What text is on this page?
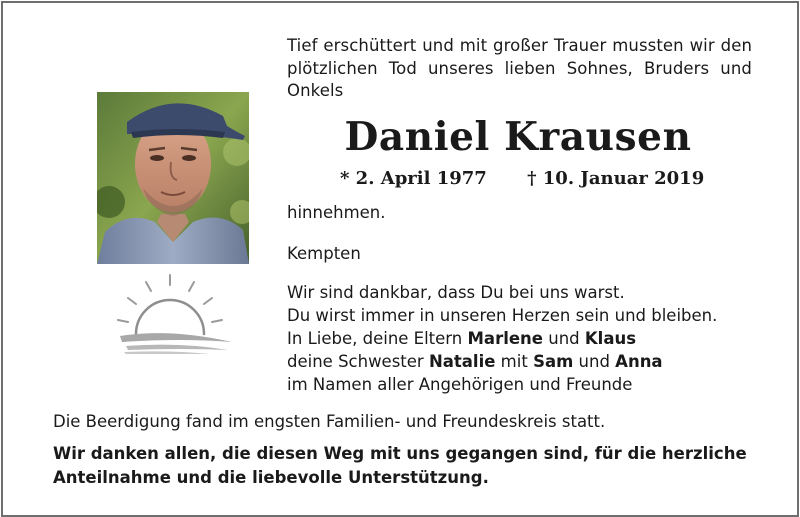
Tief erschüttert und mit großer Trauer mussten wir den plötzlichen Tod unseres lieben Sohnes, Bruders und Onkels
Daniel Krausen
* 2. April 1977 † 10. Januar 2019
hinnehmen.
Kempten
Wir sind dankbar, dass Du bei uns warst.
Du wirst immer in unseren Herzen sein und bleiben.
In Liebe, deine Eltern Marlene und Klaus
deine Schwester Natalie mit Sam und Anna
im Namen aller Angehörigen und Freunde
Die Beerdigung fand im engsten Familien- und Freundeskreis statt.
Wir danken allen, die diesen Weg mit uns gegangen sind, für die herzliche Anteilnahme und die liebevolle Unterstützung.
